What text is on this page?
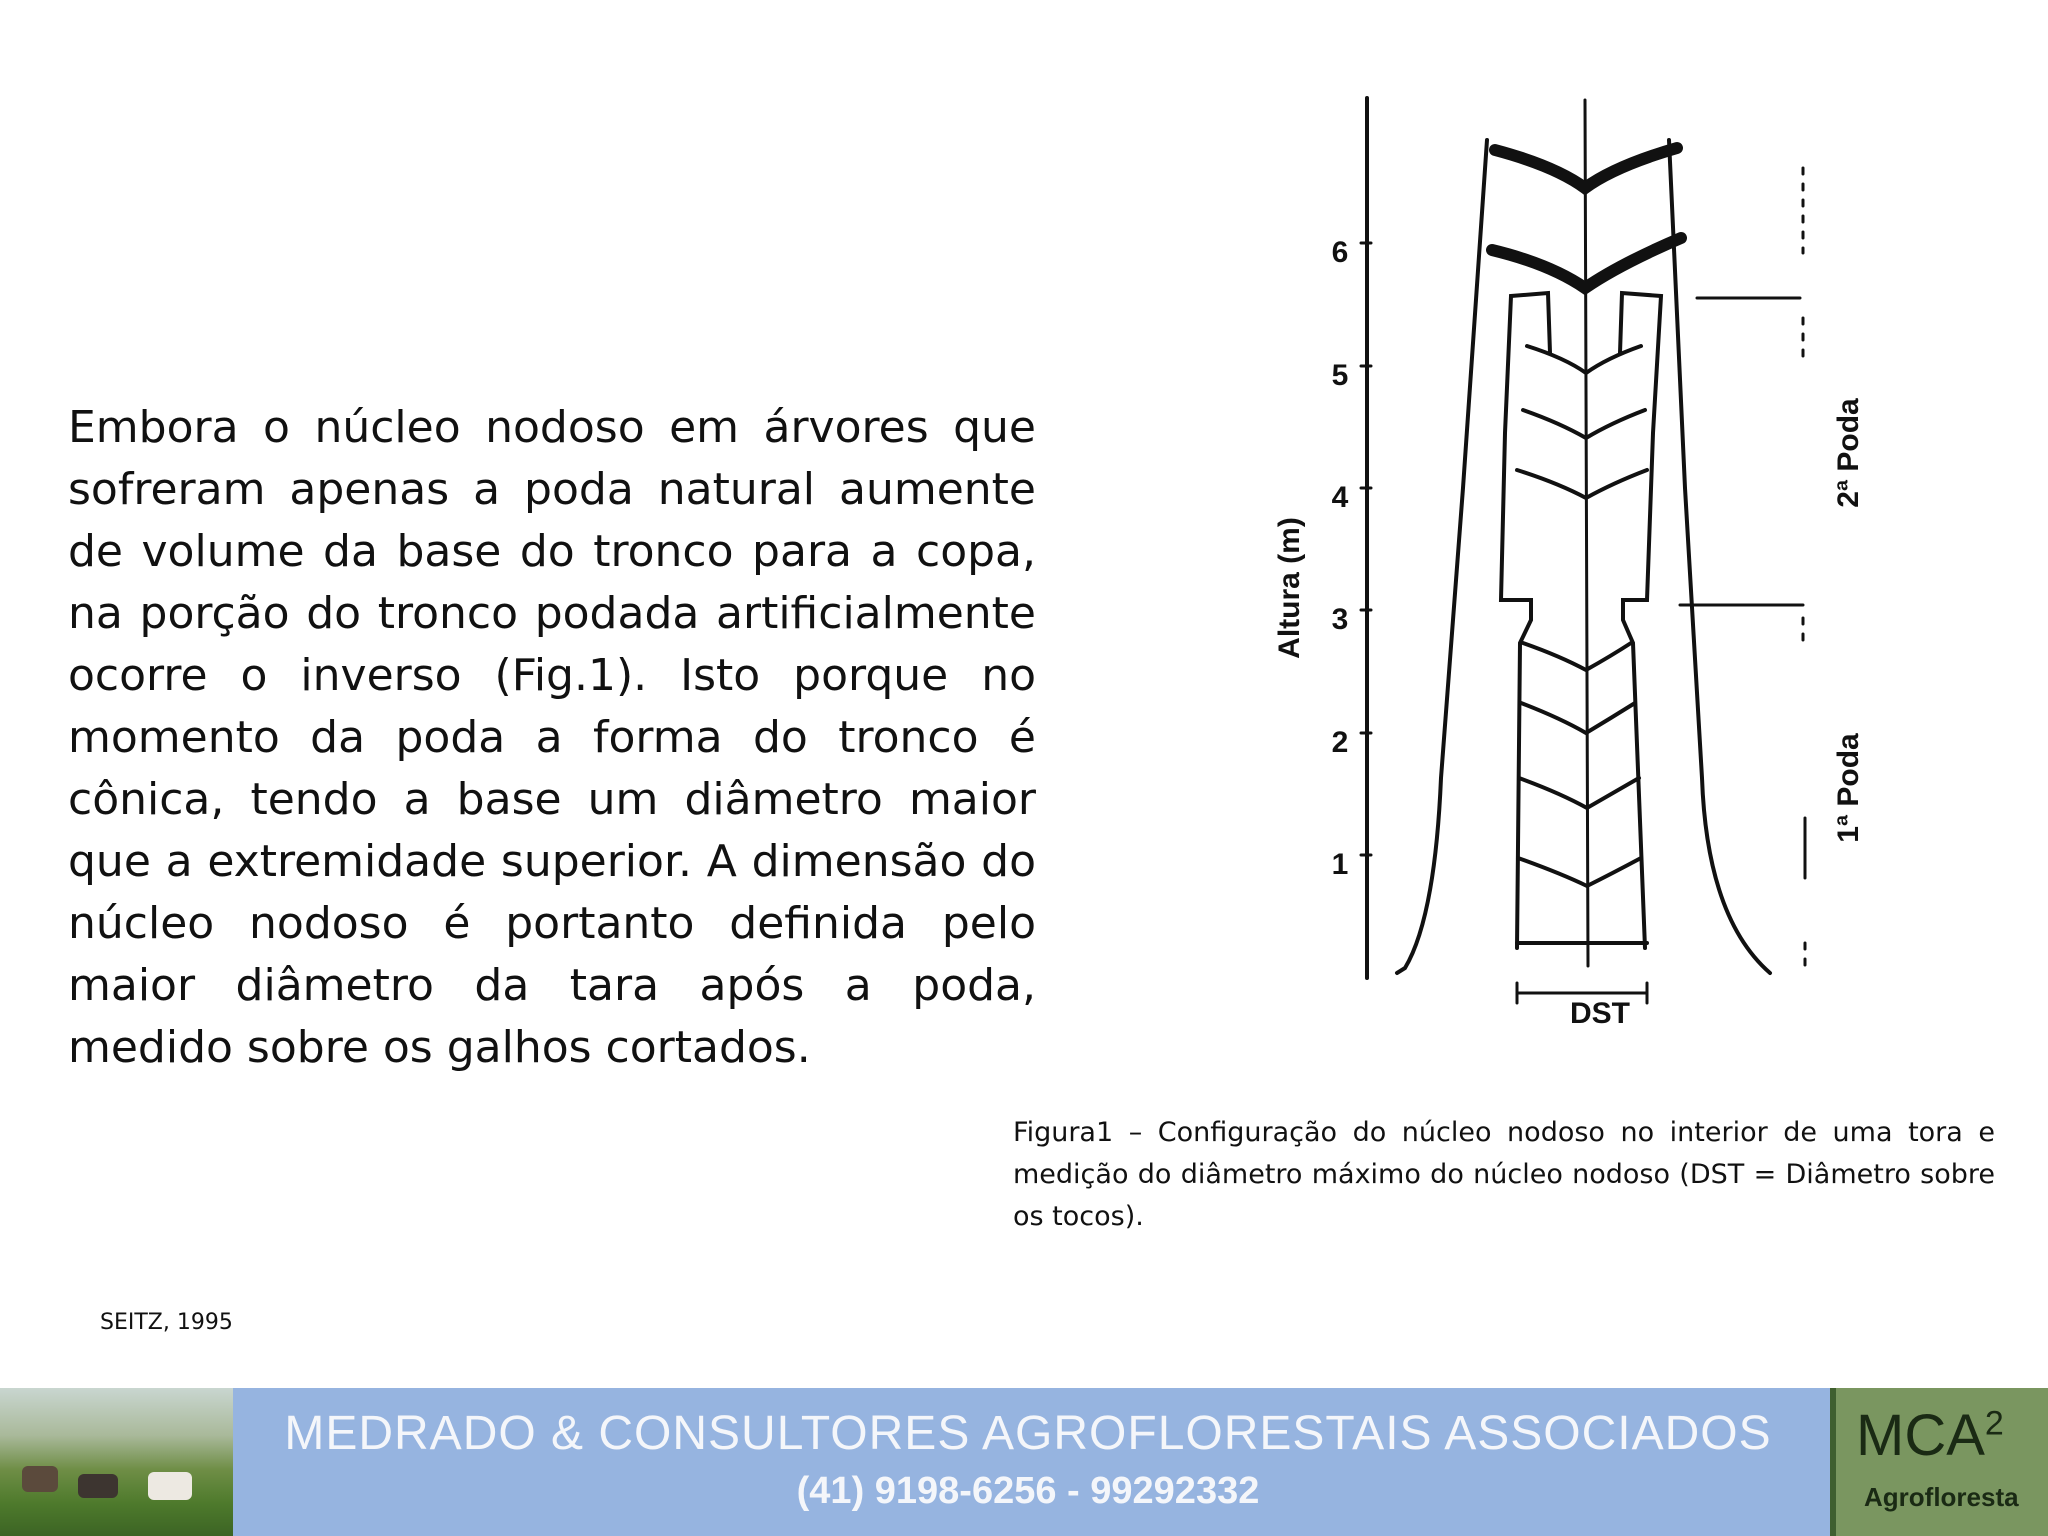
Embora o núcleo nodoso em árvores que sofreram apenas a poda natural aumente de volume da base do tronco para a copa, na porção do tronco podada artificialmente ocorre o inverso (Fig.1). Isto porque no momento da poda a forma do tronco é cônica, tendo a base um diâmetro maior que a extremidade superior. A dimensão do núcleo nodoso é portanto definida pelo maior diâmetro da tara após a poda, medido sobre os galhos cortados.
1
2
3
4
5
6
Altura (m)
DST
2ª Poda
1ª Poda
Figura1 – Configuração do núcleo nodoso no interior de uma tora e medição do diâmetro máximo do núcleo nodoso (DST = Diâmetro sobre os tocos).
SEITZ, 1995
MEDRADO & CONSULTORES AGROFLORESTAIS ASSOCIADOS
(41) 9198-6256 - 99292332
MCA$^2$
Agrofloresta
